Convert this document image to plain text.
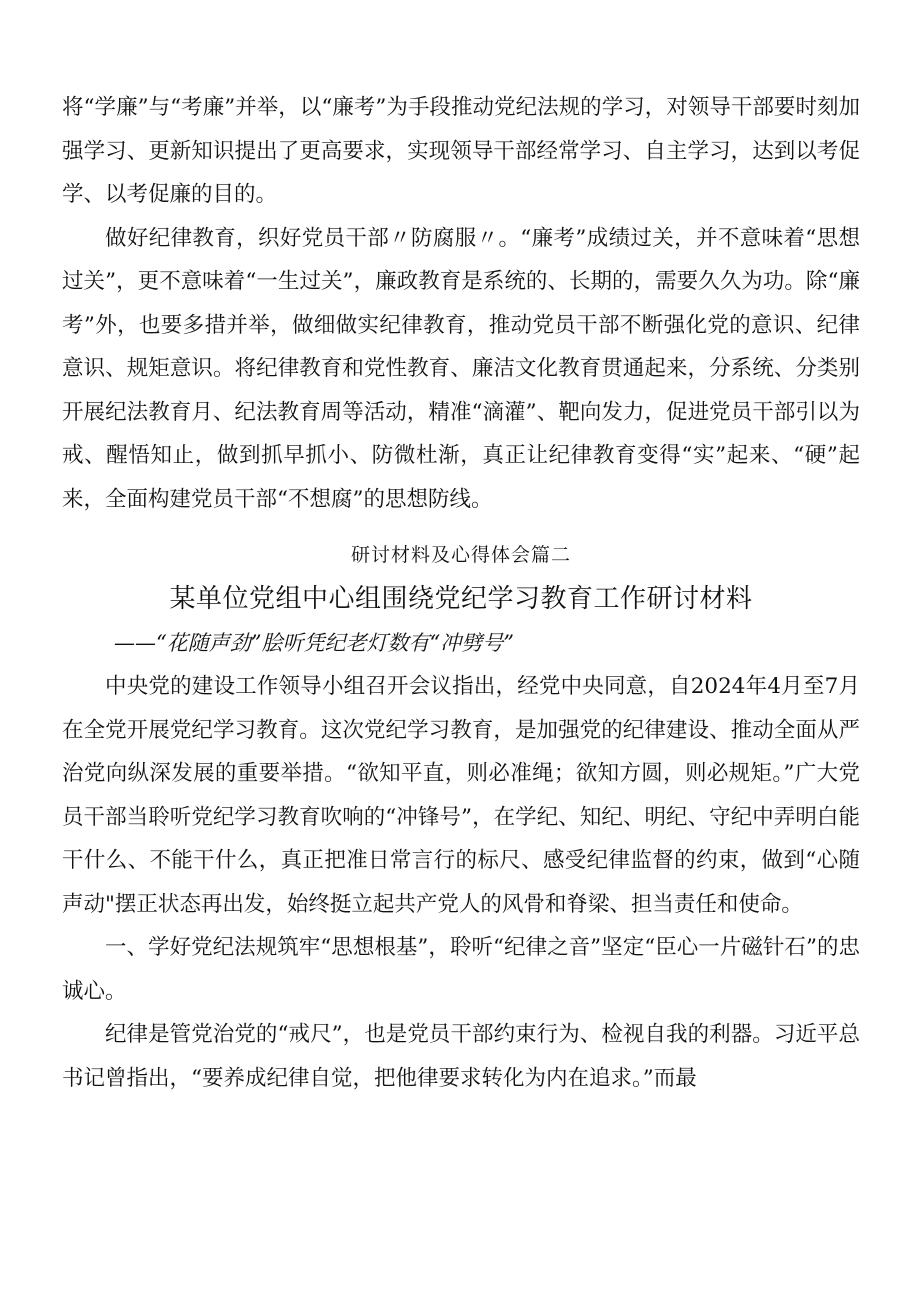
将“学廉”与“考廉”并举，以“廉考”为手段推动党纪法规的学习，对领导干部要时刻加强学习、更新知识提出了更高要求，实现领导干部经常学习、自主学习，达到以考促学、以考促廉的目的。

做好纪律教育，织好党员干部〃防腐服〃。“廉考”成绩过关，并不意味着“思想过关”，更不意味着“一生过关”，廉政教育是系统的、长期的，需要久久为功。除“廉考”外，也要多措并举，做细做实纪律教育，推动党员干部不断强化党的意识、纪律意识、规矩意识。将纪律教育和党性教育、廉洁文化教育贯通起来，分系统、分类别开展纪法教育月、纪法教育周等活动，精准“滴灌”、靶向发力，促进党员干部引以为戒、醒悟知止，做到抓早抓小、防微杜渐，真正让纪律教育变得“实”起来、“硬”起来，全面构建党员干部“不想腐”的思想防线。

研讨材料及心得体会篇二

某单位党组中心组围绕党纪学习教育工作研讨材料

——“花随声劲”脍听凭纪老灯数有“冲劈号”

中央党的建设工作领导小组召开会议指出，经党中央同意，自2024年4月至7月在全党开展党纪学习教育。这次党纪学习教育，是加强党的纪律建设、推动全面从严治党向纵深发展的重要举措。“欲知平直，则必准绳；欲知方圆，则必规矩。”广大党员干部当聆听党纪学习教育吹响的“冲锋号”，在学纪、知纪、明纪、守纪中弄明白能干什么、不能干什么，真正把准日常言行的标尺、感受纪律监督的约束，做到“心随声动"摆正状态再出发，始终挺立起共产党人的风骨和脊梁、担当责任和使命。

一、学好党纪法规筑牢“思想根基”，聆听“纪律之音”坚定“臣心一片磁针石”的忠诚心。

纪律是管党治党的“戒尺”，也是党员干部约束行为、检视自我的利器。习近平总书记曾指出，“要养成纪律自觉，把他律要求转化为内在追求。”而最
